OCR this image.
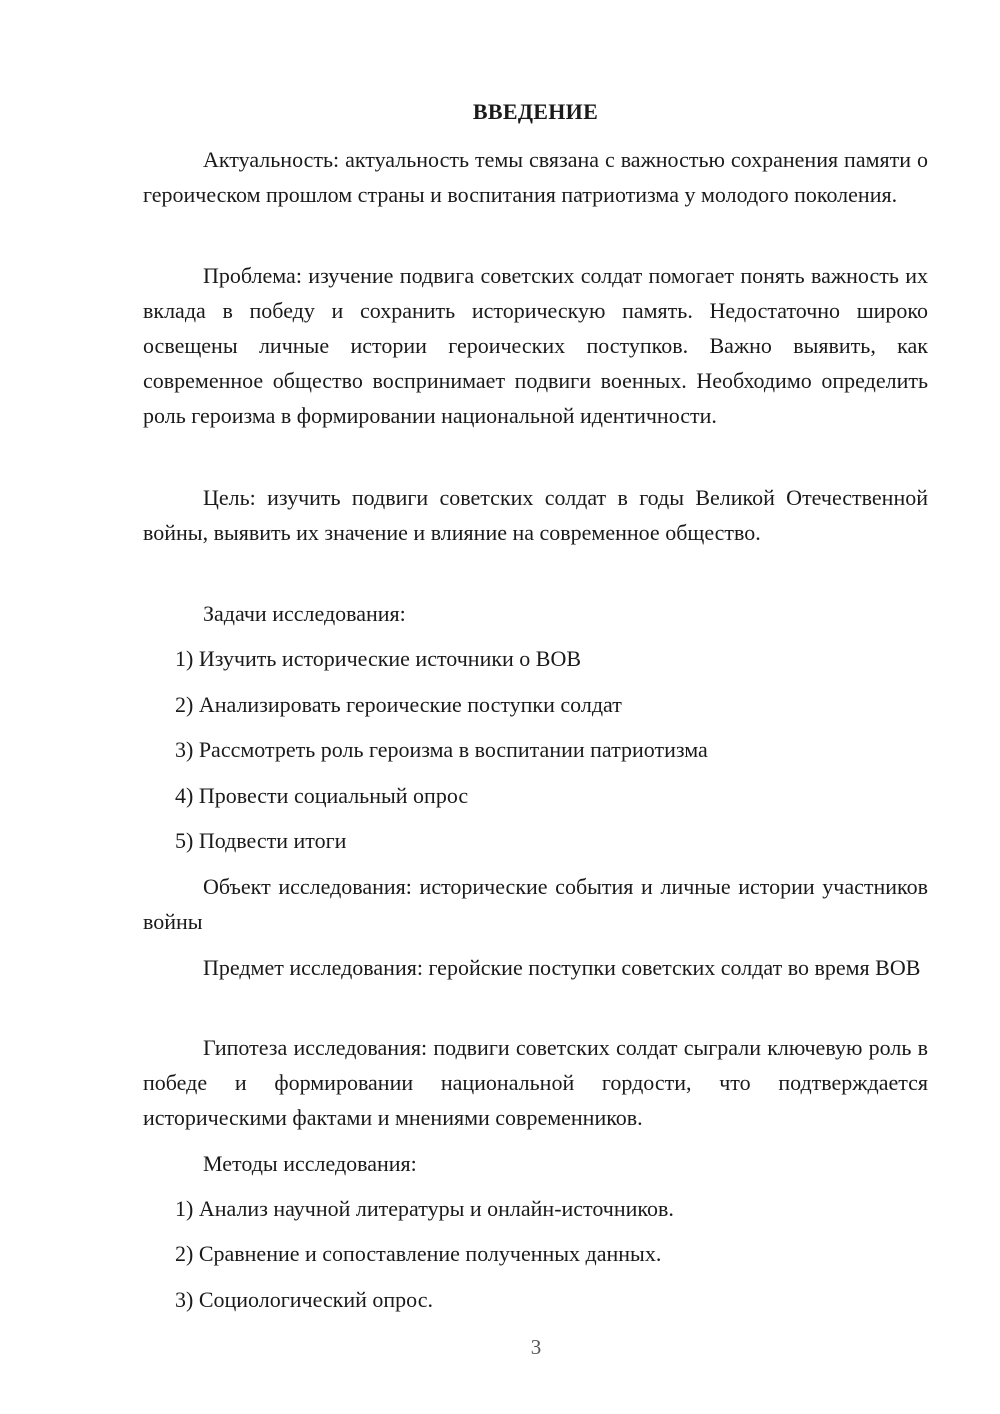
ВВЕДЕНИЕ

Актуальность: актуальность темы связана с важностью сохранения памяти о героическом прошлом страны и воспитания патриотизма у молодого поколения.

Проблема: изучение подвига советских солдат помогает понять важность их вклада в победу и сохранить историческую память. Недостаточно широко освещены личные истории героических поступков. Важно выявить, как современное общество воспринимает подвиги военных. Необходимо определить роль героизма в формировании национальной идентичности.

Цель: изучить подвиги советских солдат в годы Великой Отечественной войны, выявить их значение и влияние на современное общество.

Задачи исследования:

1) Изучить исторические источники о ВОВ

2) Анализировать героические поступки солдат

3) Рассмотреть роль героизма в воспитании патриотизма

4) Провести социальный опрос

5) Подвести итоги

Объект исследования: исторические события и личные истории участников войны

Предмет исследования: геройские поступки советских солдат во время ВОВ

Гипотеза исследования: подвиги советских солдат сыграли ключевую роль в победе и формировании национальной гордости, что подтверждается историческими фактами и мнениями современников.

Методы исследования:

1) Анализ научной литературы и онлайн-источников.

2) Сравнение и сопоставление полученных данных.

3) Социологический опрос.

3
